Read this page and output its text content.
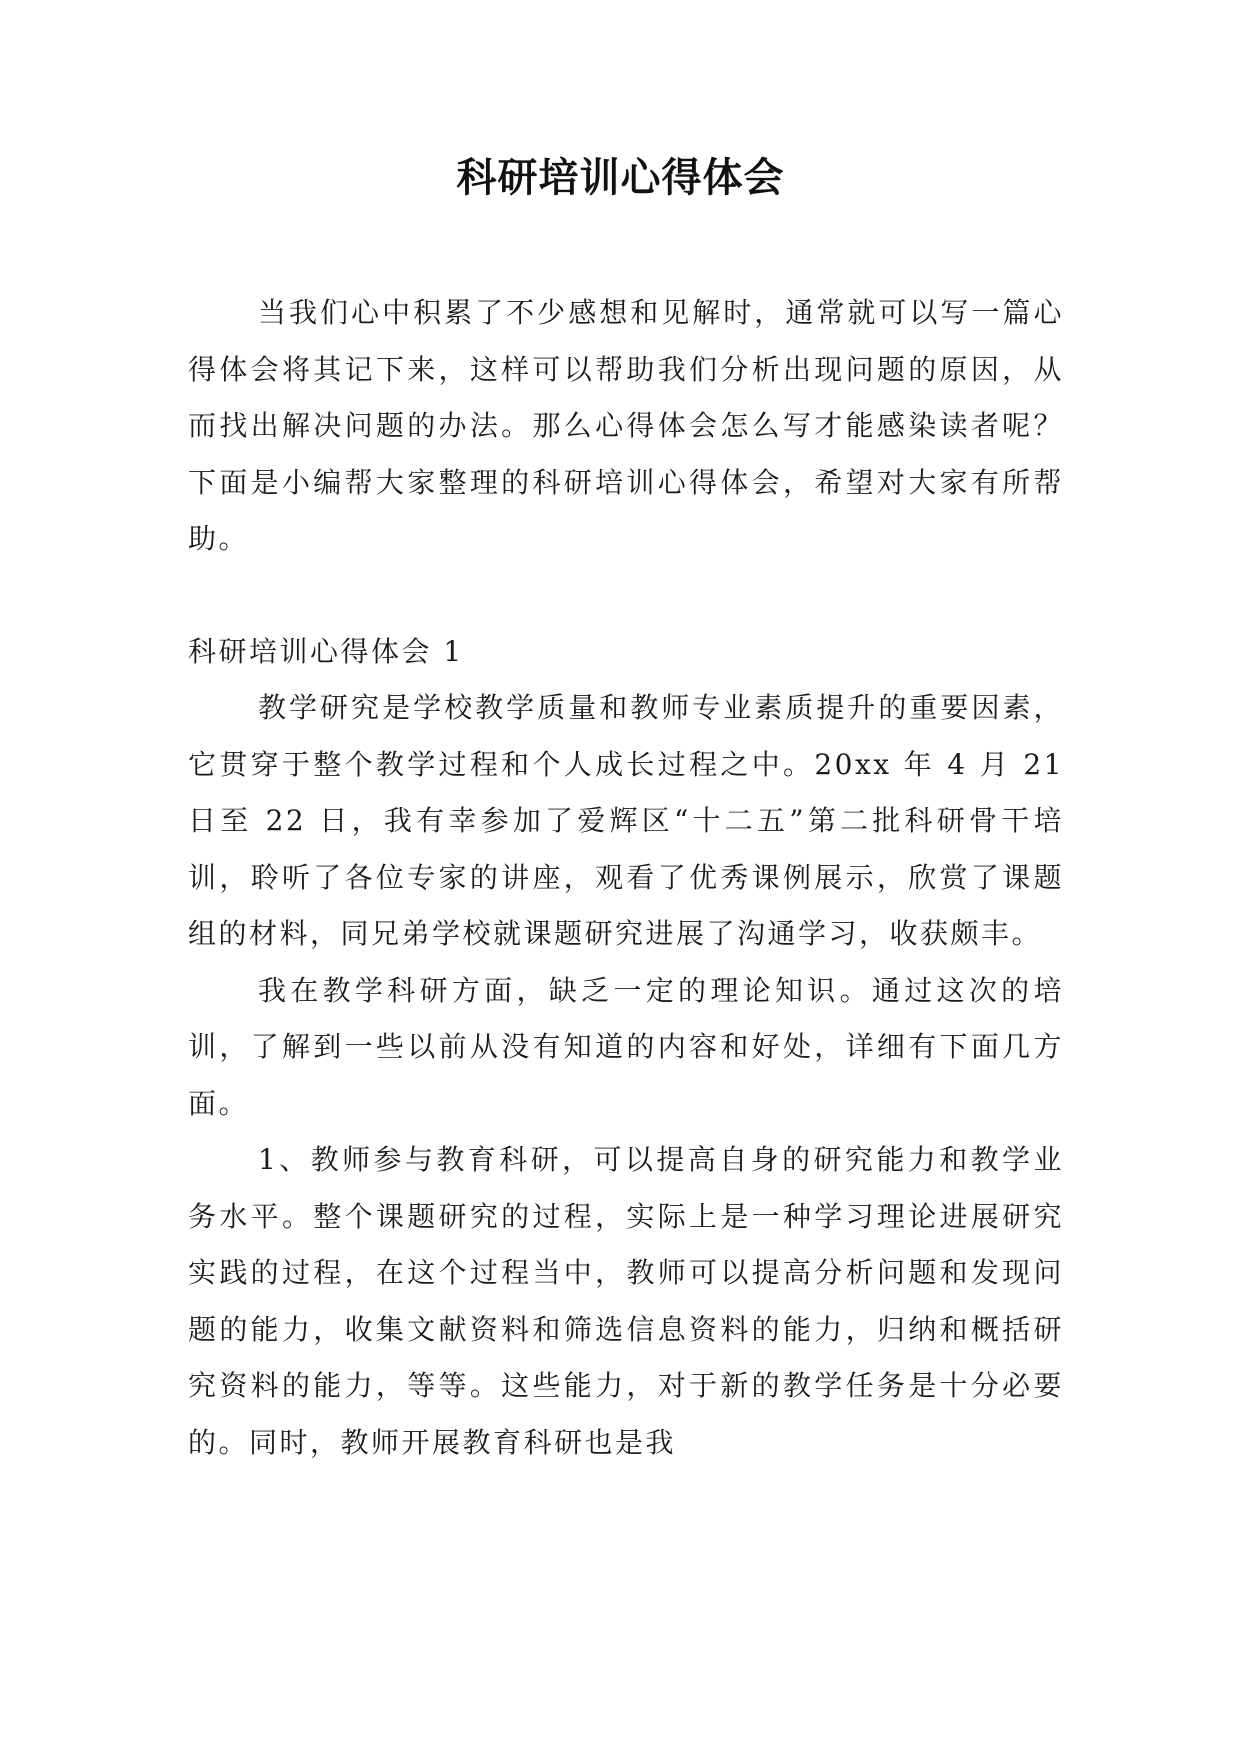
科研培训心得体会

当我们心中积累了不少感想和见解时，通常就可以写一篇心得体会将其记下来，这样可以帮助我们分析出现问题的原因，从而找出解决问题的办法。那么心得体会怎么写才能感染读者呢？下面是小编帮大家整理的科研培训心得体会，希望对大家有所帮助。

科研培训心得体会 1

教学研究是学校教学质量和教师专业素质提升的重要因素，它贯穿于整个教学过程和个人成长过程之中。20xx 年 4 月 21 日至 22 日，我有幸参加了爱辉区“十二五”第二批科研骨干培训，聆听了各位专家的讲座，观看了优秀课例展示，欣赏了课题组的材料，同兄弟学校就课题研究进展了沟通学习，收获颇丰。

我在教学科研方面，缺乏一定的理论知识。通过这次的培训，了解到一些以前从没有知道的内容和好处，详细有下面几方面。

1、教师参与教育科研，可以提高自身的研究能力和教学业务水平。整个课题研究的过程，实际上是一种学习理论进展研究实践的过程，在这个过程当中，教师可以提高分析问题和发现问题的能力，收集文献资料和筛选信息资料的能力，归纳和概括研究资料的能力，等等。这些能力，对于新的教学任务是十分必要的。同时，教师开展教育科研也是我
